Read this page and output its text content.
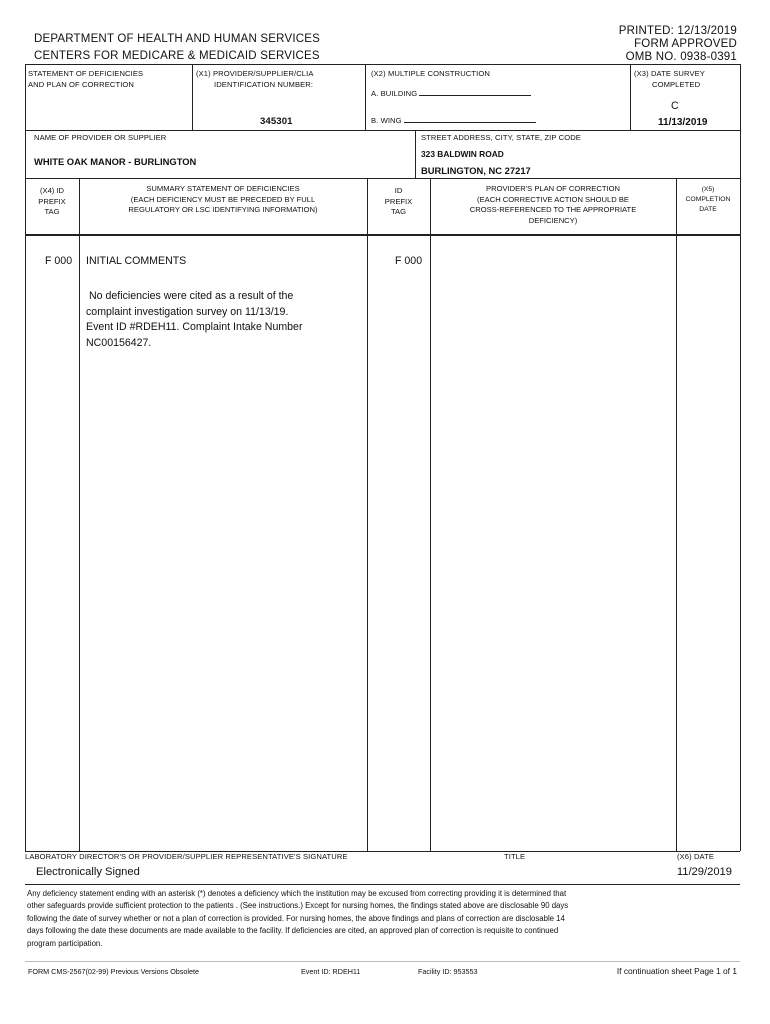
DEPARTMENT OF HEALTH AND HUMAN SERVICES
CENTERS FOR MEDICARE & MEDICAID SERVICES
PRINTED: 12/13/2019
FORM APPROVED
OMB NO. 0938-0391
STATEMENT OF DEFICIENCIES
AND PLAN OF CORRECTION
(X1) PROVIDER/SUPPLIER/CLIA
IDENTIFICATION NUMBER:
345301
(X2) MULTIPLE CONSTRUCTION
A. BUILDING
B. WING
(X3) DATE SURVEY
COMPLETED
C
11/13/2019
NAME OF PROVIDER OR SUPPLIER
WHITE OAK MANOR - BURLINGTON
STREET ADDRESS, CITY, STATE, ZIP CODE
323 BALDWIN ROAD
BURLINGTON, NC 27217
(X4) ID
PREFIX
TAG
SUMMARY STATEMENT OF DEFICIENCIES
(EACH DEFICIENCY MUST BE PRECEDED BY FULL
REGULATORY OR LSC IDENTIFYING INFORMATION)
ID
PREFIX
TAG
PROVIDER'S PLAN OF CORRECTION
(EACH CORRECTIVE ACTION SHOULD BE
CROSS-REFERENCED TO THE APPROPRIATE
DEFICIENCY)
(X5)
COMPLETION
DATE
F 000 INITIAL COMMENTS	F 000
No deficiencies were cited as a result of the
complaint investigation survey on 11/13/19.
Event ID #RDEH11. Complaint Intake Number
NC00156427.
LABORATORY DIRECTOR'S OR PROVIDER/SUPPLIER REPRESENTATIVE'S SIGNATURE	TITLE	(X6) DATE
Electronically Signed	11/29/2019
Any deficiency statement ending with an asterisk (*) denotes a deficiency which the institution may be excused from correcting providing it is determined that
other safeguards provide sufficient protection to the patients . (See instructions.) Except for nursing homes, the findings stated above are disclosable 90 days
following the date of survey whether or not a plan of correction is provided. For nursing homes, the above findings and plans of correction are disclosable 14
days following the date these documents are made available to the facility. If deficiencies are cited, an approved plan of correction is requisite to continued
program participation.
FORM CMS-2567(02-99) Previous Versions Obsolete	Event ID: RDEH11	Facility ID: 953553	If continuation sheet Page 1 of 1
